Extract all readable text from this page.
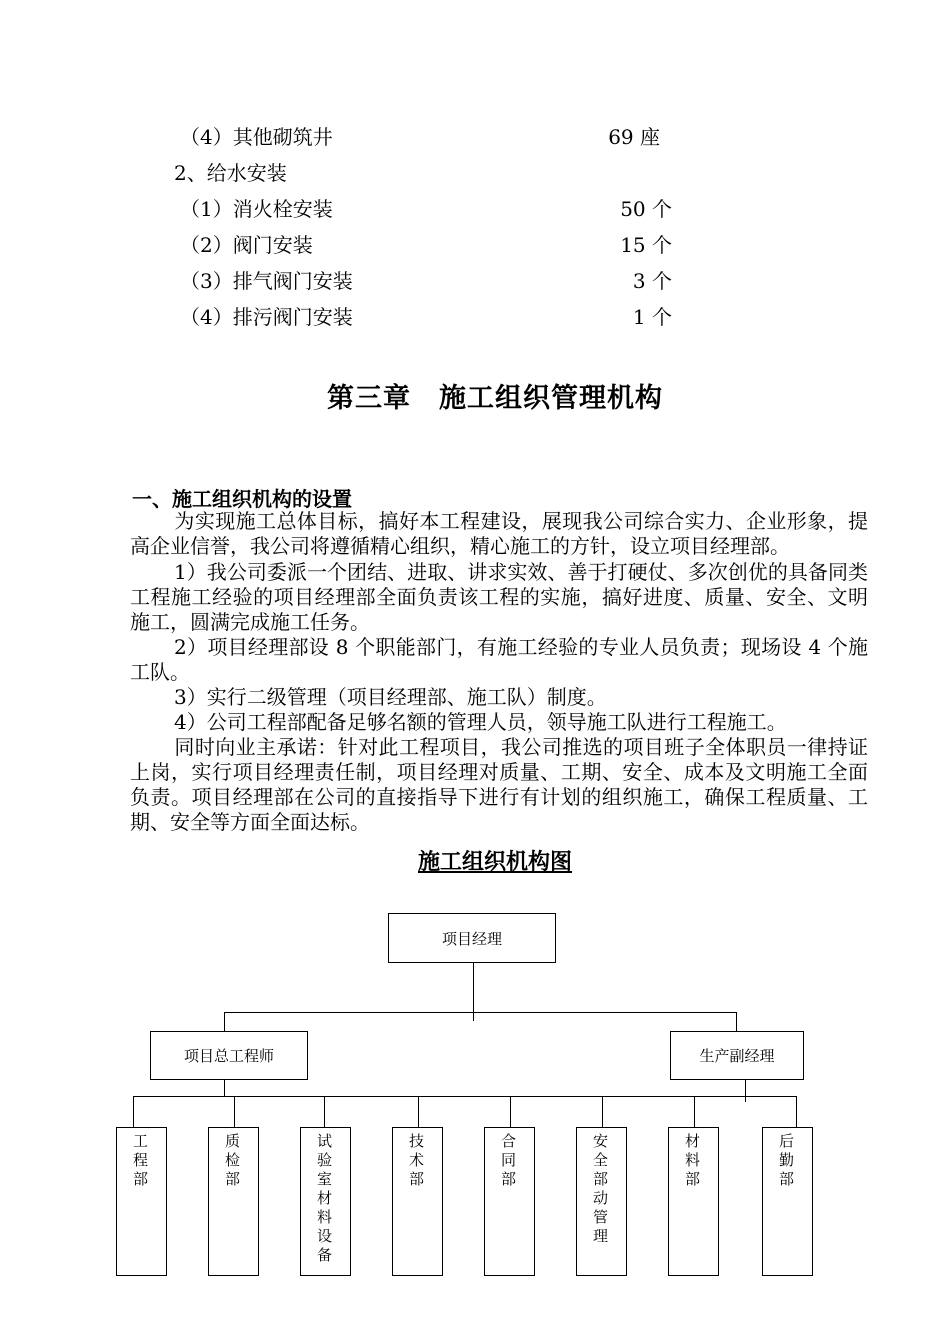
（4）其他砌筑井	69 座
2、给水安装
（1）消火栓安装	50 个
（2）阀门安装	15 个
（3）排气阀门安装	3 个
（4）排污阀门安装	1 个
第三章　施工组织管理机构
一、施工组织机构的设置
为实现施工总体目标，搞好本工程建设，展现我公司综合实力、企业形象，提高企业信誉，我公司将遵循精心组织，精心施工的方针，设立项目经理部。
1）我公司委派一个团结、进取、讲求实效、善于打硬仗、多次创优的具备同类工程施工经验的项目经理部全面负责该工程的实施，搞好进度、质量、安全、文明施工，圆满完成施工任务。
2）项目经理部设 8 个职能部门，有施工经验的专业人员负责；现场设 4 个施工队。
3）实行二级管理（项目经理部、施工队）制度。
4）公司工程部配备足够名额的管理人员，领导施工队进行工程施工。
同时向业主承诺：针对此工程项目，我公司推选的项目班子全体职员一律持证上岗，实行项目经理责任制，项目经理对质量、工期、安全、成本及文明施工全面负责。项目经理部在公司的直接指导下进行有计划的组织施工，确保工程质量、工期、安全等方面全面达标。
施工组织机构图
项目经理
项目总工程师	生产副经理
工程部
质检部
试验室材料设备
技术部
合同部
安全部动管理
材料部
后勤部
